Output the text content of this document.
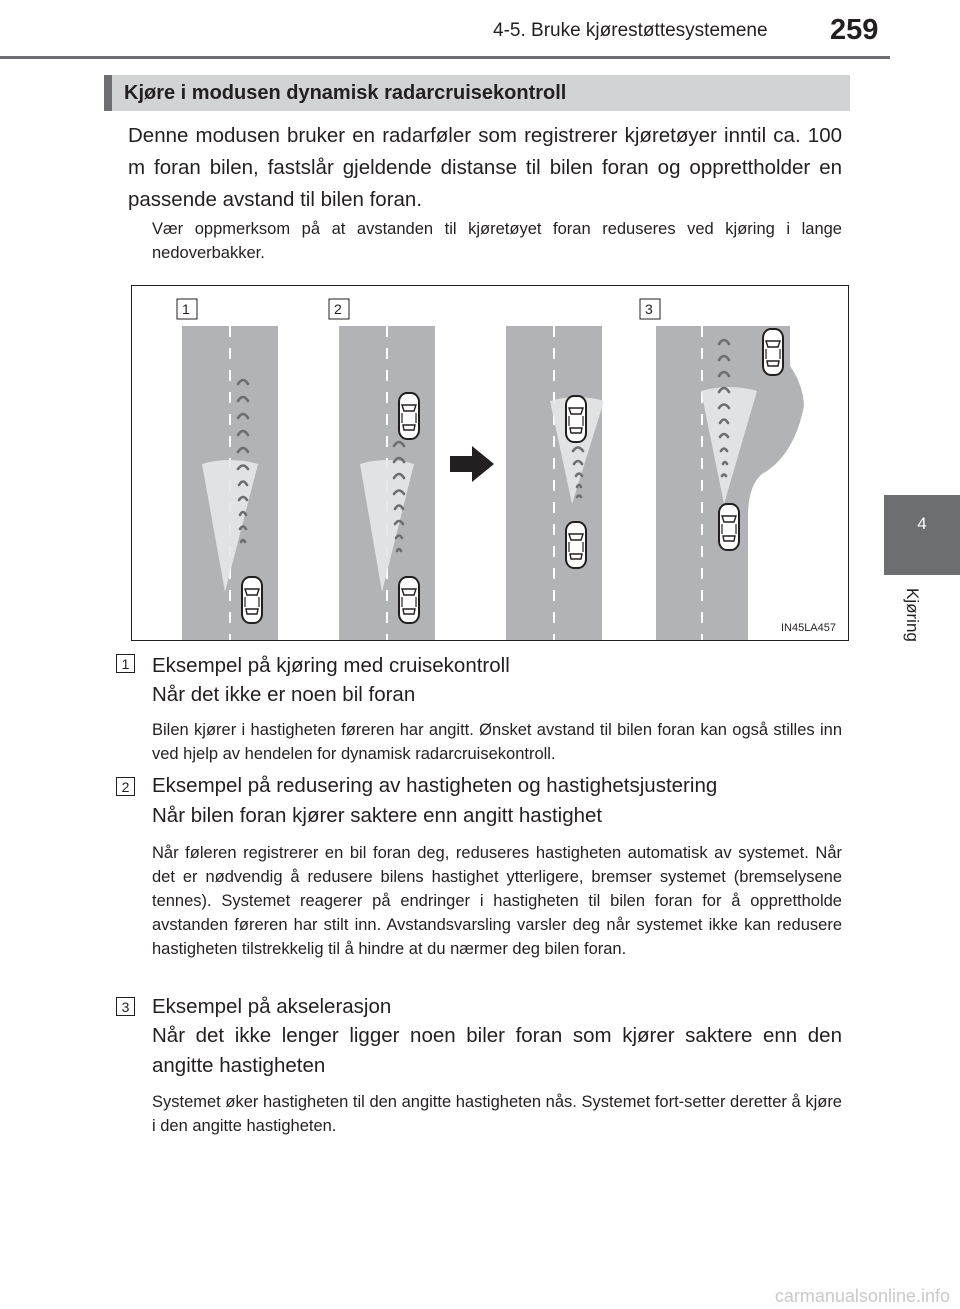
4-5. Bruke kjørestøttesystemene 259
4
Kjøring
Kjøre i modusen dynamisk radarcruisekontroll
Denne modusen bruker en radarføler som registrerer kjøretøyer inntil ca. 100 m foran bilen, fastslår gjeldende distanse til bilen foran og opprettholder en passende avstand til bilen foran.
Vær oppmerksom på at avstanden til kjøretøyet foran reduseres ved kjøring i lange nedoverbakker.
1	2	3
IN45LA457
1 Eksempel på kjøring med cruisekontroll
Når det ikke er noen bil foran
Bilen kjører i hastigheten føreren har angitt. Ønsket avstand til bilen foran kan også stilles inn ved hjelp av hendelen for dynamisk radarcruisekontroll.
2 Eksempel på redusering av hastigheten og hastighetsjustering
Når bilen foran kjører saktere enn angitt hastighet
Når føleren registrerer en bil foran deg, reduseres hastigheten automatisk av systemet. Når det er nødvendig å redusere bilens hastighet ytterligere, bremser systemet (bremselysene tennes). Systemet reagerer på endringer i hastigheten til bilen foran for å opprettholde avstanden føreren har stilt inn. Avstandsvarsling varsler deg når systemet ikke kan redusere hastigheten tilstrekkelig til å hindre at du nærmer deg bilen foran.
3 Eksempel på akselerasjon
Når det ikke lenger ligger noen biler foran som kjører saktere enn den angitte hastigheten
Systemet øker hastigheten til den angitte hastigheten nås. Systemet fort-setter deretter å kjøre i den angitte hastigheten.
carmanualsonline.info
